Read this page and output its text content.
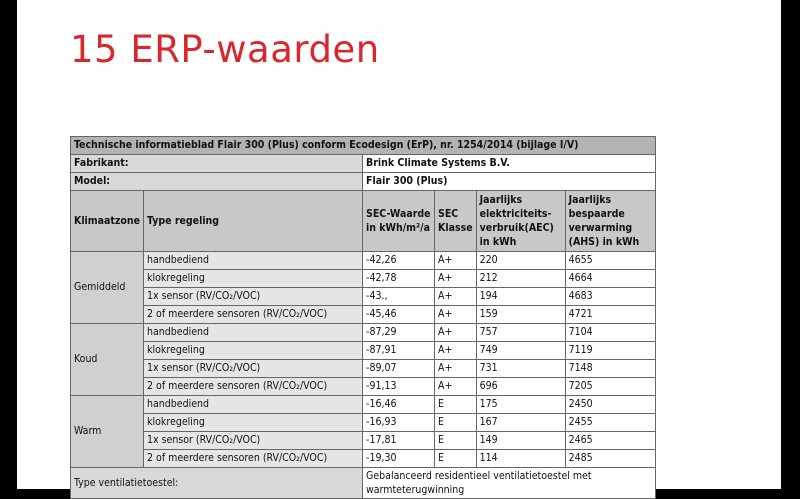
15 ERP-waarden
Technische informatieblad Flair 300 (Plus) conform Ecodesign (ErP), nr. 1254/2014 (bijlage I/V)					
Fabrikant:		Brink Climate Systems B.V.			
Model:		Flair 300 (Plus)			
Klimaatzone	Type regeling	SEC-Waarde in kWh/m²/a	SEC Klasse	Jaarlijks elektriciteits-verbruik(AEC) in kWh	Jaarlijks bespaarde verwarming (AHS) in kWh
Gemiddeld	handbediend	-42,26	A+	220	4655
	klokregeling	-42,78	A+	212	4664
	1x sensor (RV/CO₂/VOC)	-43.,	A+	194	4683
	2 of meerdere sensoren (RV/CO₂/VOC)	-45,46	A+	159	4721
Koud	handbediend	-87,29	A+	757	7104
	klokregeling	-87,91	A+	749	7119
	1x sensor (RV/CO₂/VOC)	-89,07	A+	731	7148
	2 of meerdere sensoren (RV/CO₂/VOC)	-91,13	A+	696	7205
Warm	handbediend	-16,46	E	175	2450
	klokregeling	-16,93	E	167	2455
	1x sensor (RV/CO₂/VOC)	-17,81	E	149	2465
	2 of meerdere sensoren (RV/CO₂/VOC)	-19,30	E	114	2485
Type ventilatietoestel:		Gebalanceerd residentieel ventilatietoestel met warmteterugwinning			
